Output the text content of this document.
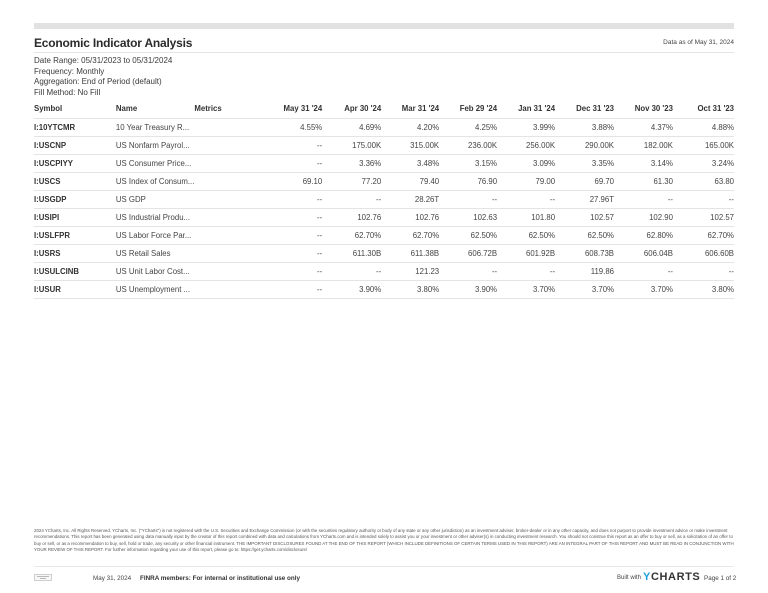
Economic Indicator Analysis	Data as of May 31, 2024
Date Range: 05/31/2023 to 05/31/2024
Frequency: Monthly
Aggregation: End of Period (default)
Fill Method: No Fill
Symbol	Name	Metrics	May 31 '24	Apr 30 '24	Mar 31 '24	Feb 29 '24	Jan 31 '24	Dec 31 '23	Nov 30 '23	Oct 31 '23
I:10YTCMR	10 Year Treasury R...		4.55%	4.69%	4.20%	4.25%	3.99%	3.88%	4.37%	4.88%
I:USCNP	US Nonfarm Payrol...		--	175.00K	315.00K	236.00K	256.00K	290.00K	182.00K	165.00K
I:USCPIYY	US Consumer Price...		--	3.36%	3.48%	3.15%	3.09%	3.35%	3.14%	3.24%
I:USCS	US Index of Consum...		69.10	77.20	79.40	76.90	79.00	69.70	61.30	63.80
I:USGDP	US GDP		--	--	28.26T	--	--	27.96T	--	--
I:USIPI	US Industrial Produ...		--	102.76	102.76	102.63	101.80	102.57	102.90	102.57
I:USLFPR	US Labor Force Par...		--	62.70%	62.70%	62.50%	62.50%	62.50%	62.80%	62.70%
I:USRS	US Retail Sales		--	611.30B	611.38B	606.72B	601.92B	608.73B	606.04B	606.60B
I:USULCINB	US Unit Labor Cost...		--	--	121.23	--	--	119.86	--	--
I:USUR	US Unemployment ...		--	3.90%	3.80%	3.90%	3.70%	3.70%	3.70%	3.80%
2024 YCharts, Inc. All Rights Reserved. YCharts, Inc. ("YCharts") is not registered with the U.S. Securities and Exchange Commission (or with the securities regulatory authority or body of any state or any other jurisdiction) as an investment adviser, broker-dealer or in any other capacity, and does not purport to provide investment advice or make investment recommendations. This report has been generated using data manually input by the creator of this report combined with data and calculations from YCharts.com and is intended solely to assist you or your investment or other adviser(s) in conducting investment research. You should not construe this report as an offer to buy or sell, as a solicitation of an offer to buy or sell, or as a recommendation to buy, sell, hold or trade, any security or other financial instrument. THE IMPORTANT DISCLOSURES FOUND AT THE END OF THIS REPORT (WHICH INCLUDE DEFINITIONS OF CERTAIN TERMS USED IN THIS REPORT) ARE AN INTEGRAL PART OF THIS REPORT AND MUST BE READ IN CONJUNCTION WITH YOUR REVIEW OF THIS REPORT. For further information regarding your use of this report, please go to: https://get.ycharts.com/disclosure/
May 31, 2024 FINRA members: For internal or institutional use only	Built with YCHARTS Page 1 of 2
